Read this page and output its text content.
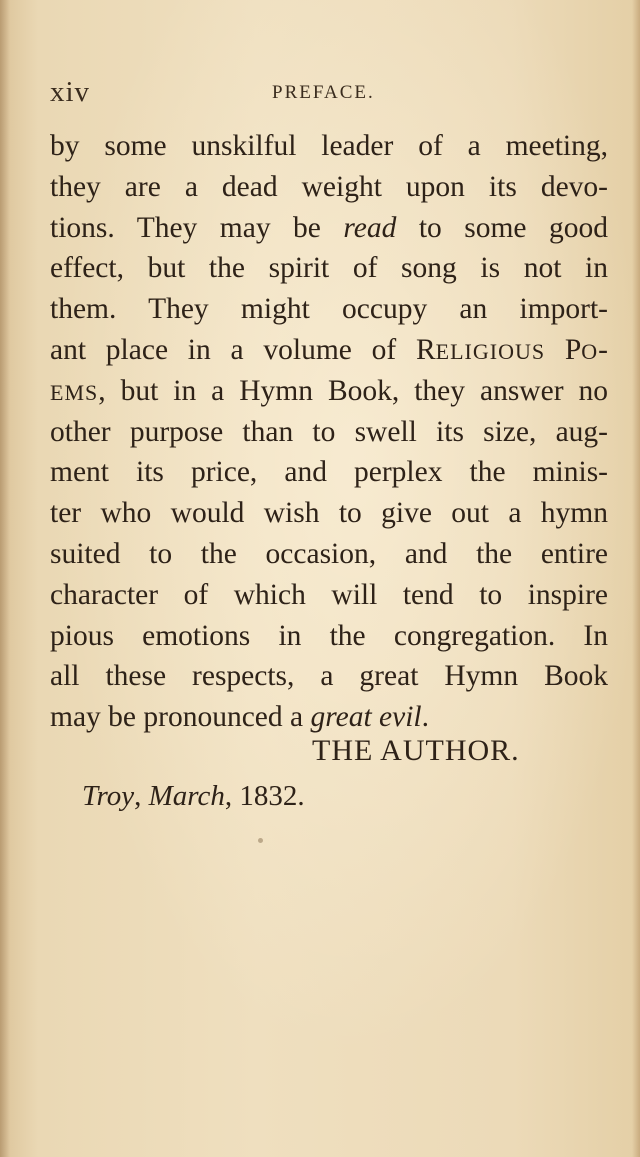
xiv	PREFACE.
by some unskilful leader of a meeting,
they are a dead weight upon its devo-
tions. They may be read to some good
effect, but the spirit of song is not in
them. They might occupy an import-
ant place in a volume of RELIGIOUS PO-
EMS, but in a Hymn Book, they answer no
other purpose than to swell its size, aug-
ment its price, and perplex the minis-
ter who would wish to give out a hymn
suited to the occasion, and the entire
character of which will tend to inspire
pious emotions in the congregation. In
all these respects, a great Hymn Book
may be pronounced a great evil.
THE AUTHOR.
Troy, March, 1832.
